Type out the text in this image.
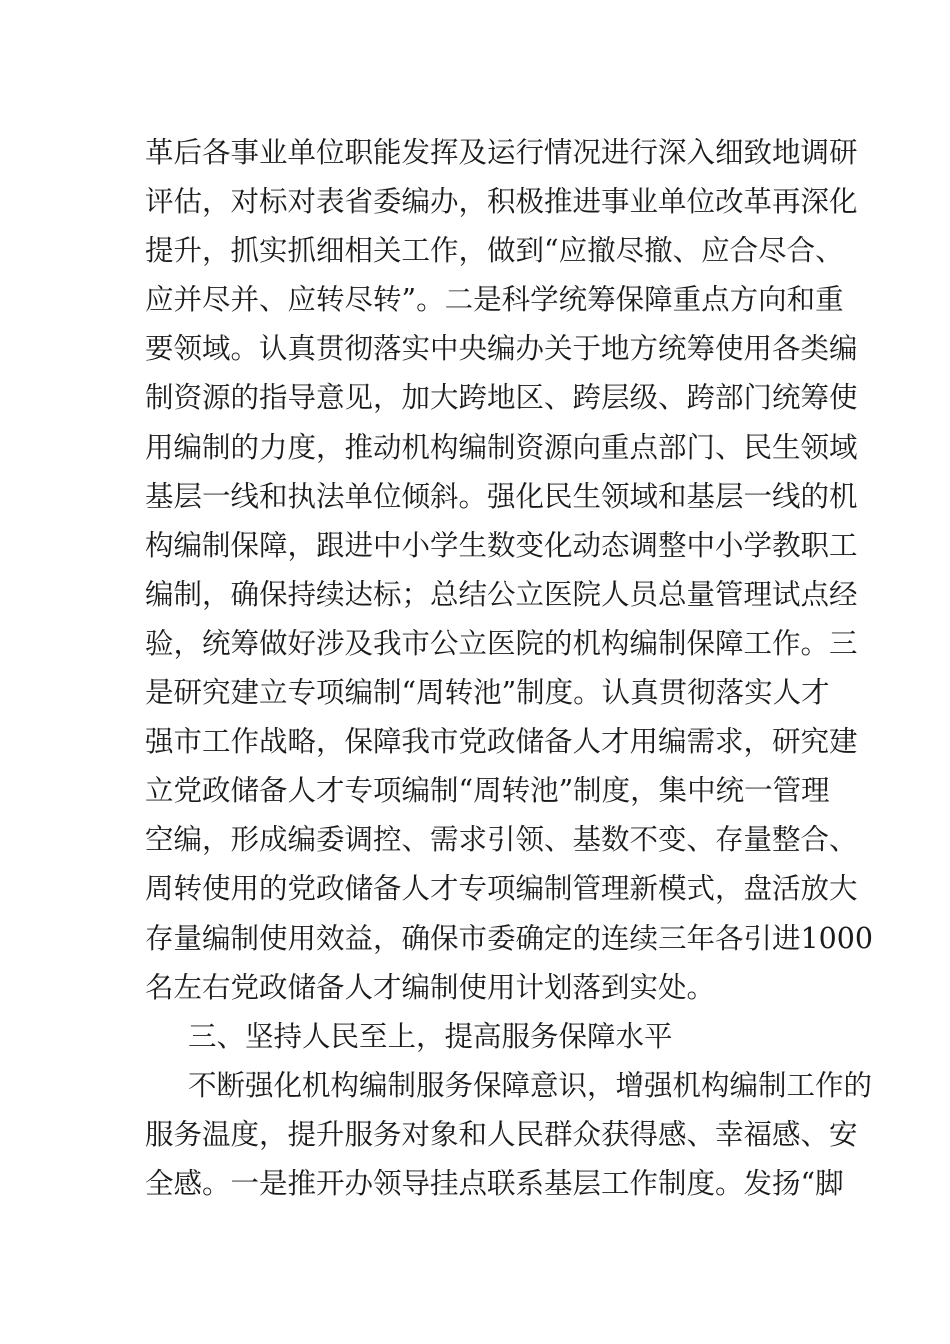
革后各事业单位职能发挥及运行情况进行深入细致地调研
评估，对标对表省委编办，积极推进事业单位改革再深化
提升，抓实抓细相关工作，做到“应撤尽撤、应合尽合、
应并尽并、应转尽转”。二是科学统筹保障重点方向和重
要领域。认真贯彻落实中央编办关于地方统筹使用各类编
制资源的指导意见，加大跨地区、跨层级、跨部门统筹使
用编制的力度，推动机构编制资源向重点部门、民生领域
基层一线和执法单位倾斜。强化民生领域和基层一线的机
构编制保障，跟进中小学生数变化动态调整中小学教职工
编制，确保持续达标；总结公立医院人员总量管理试点经
验，统筹做好涉及我市公立医院的机构编制保障工作。三
是研究建立专项编制“周转池”制度。认真贯彻落实人才
强市工作战略，保障我市党政储备人才用编需求，研究建
立党政储备人才专项编制“周转池”制度，集中统一管理
空编，形成编委调控、需求引领、基数不变、存量整合、
周转使用的党政储备人才专项编制管理新模式，盘活放大
存量编制使用效益，确保市委确定的连续三年各引进1000
名左右党政储备人才编制使用计划落到实处。
三、坚持人民至上，提高服务保障水平
不断强化机构编制服务保障意识，增强机构编制工作的
服务温度，提升服务对象和人民群众获得感、幸福感、安
全感。一是推开办领导挂点联系基层工作制度。发扬“脚
